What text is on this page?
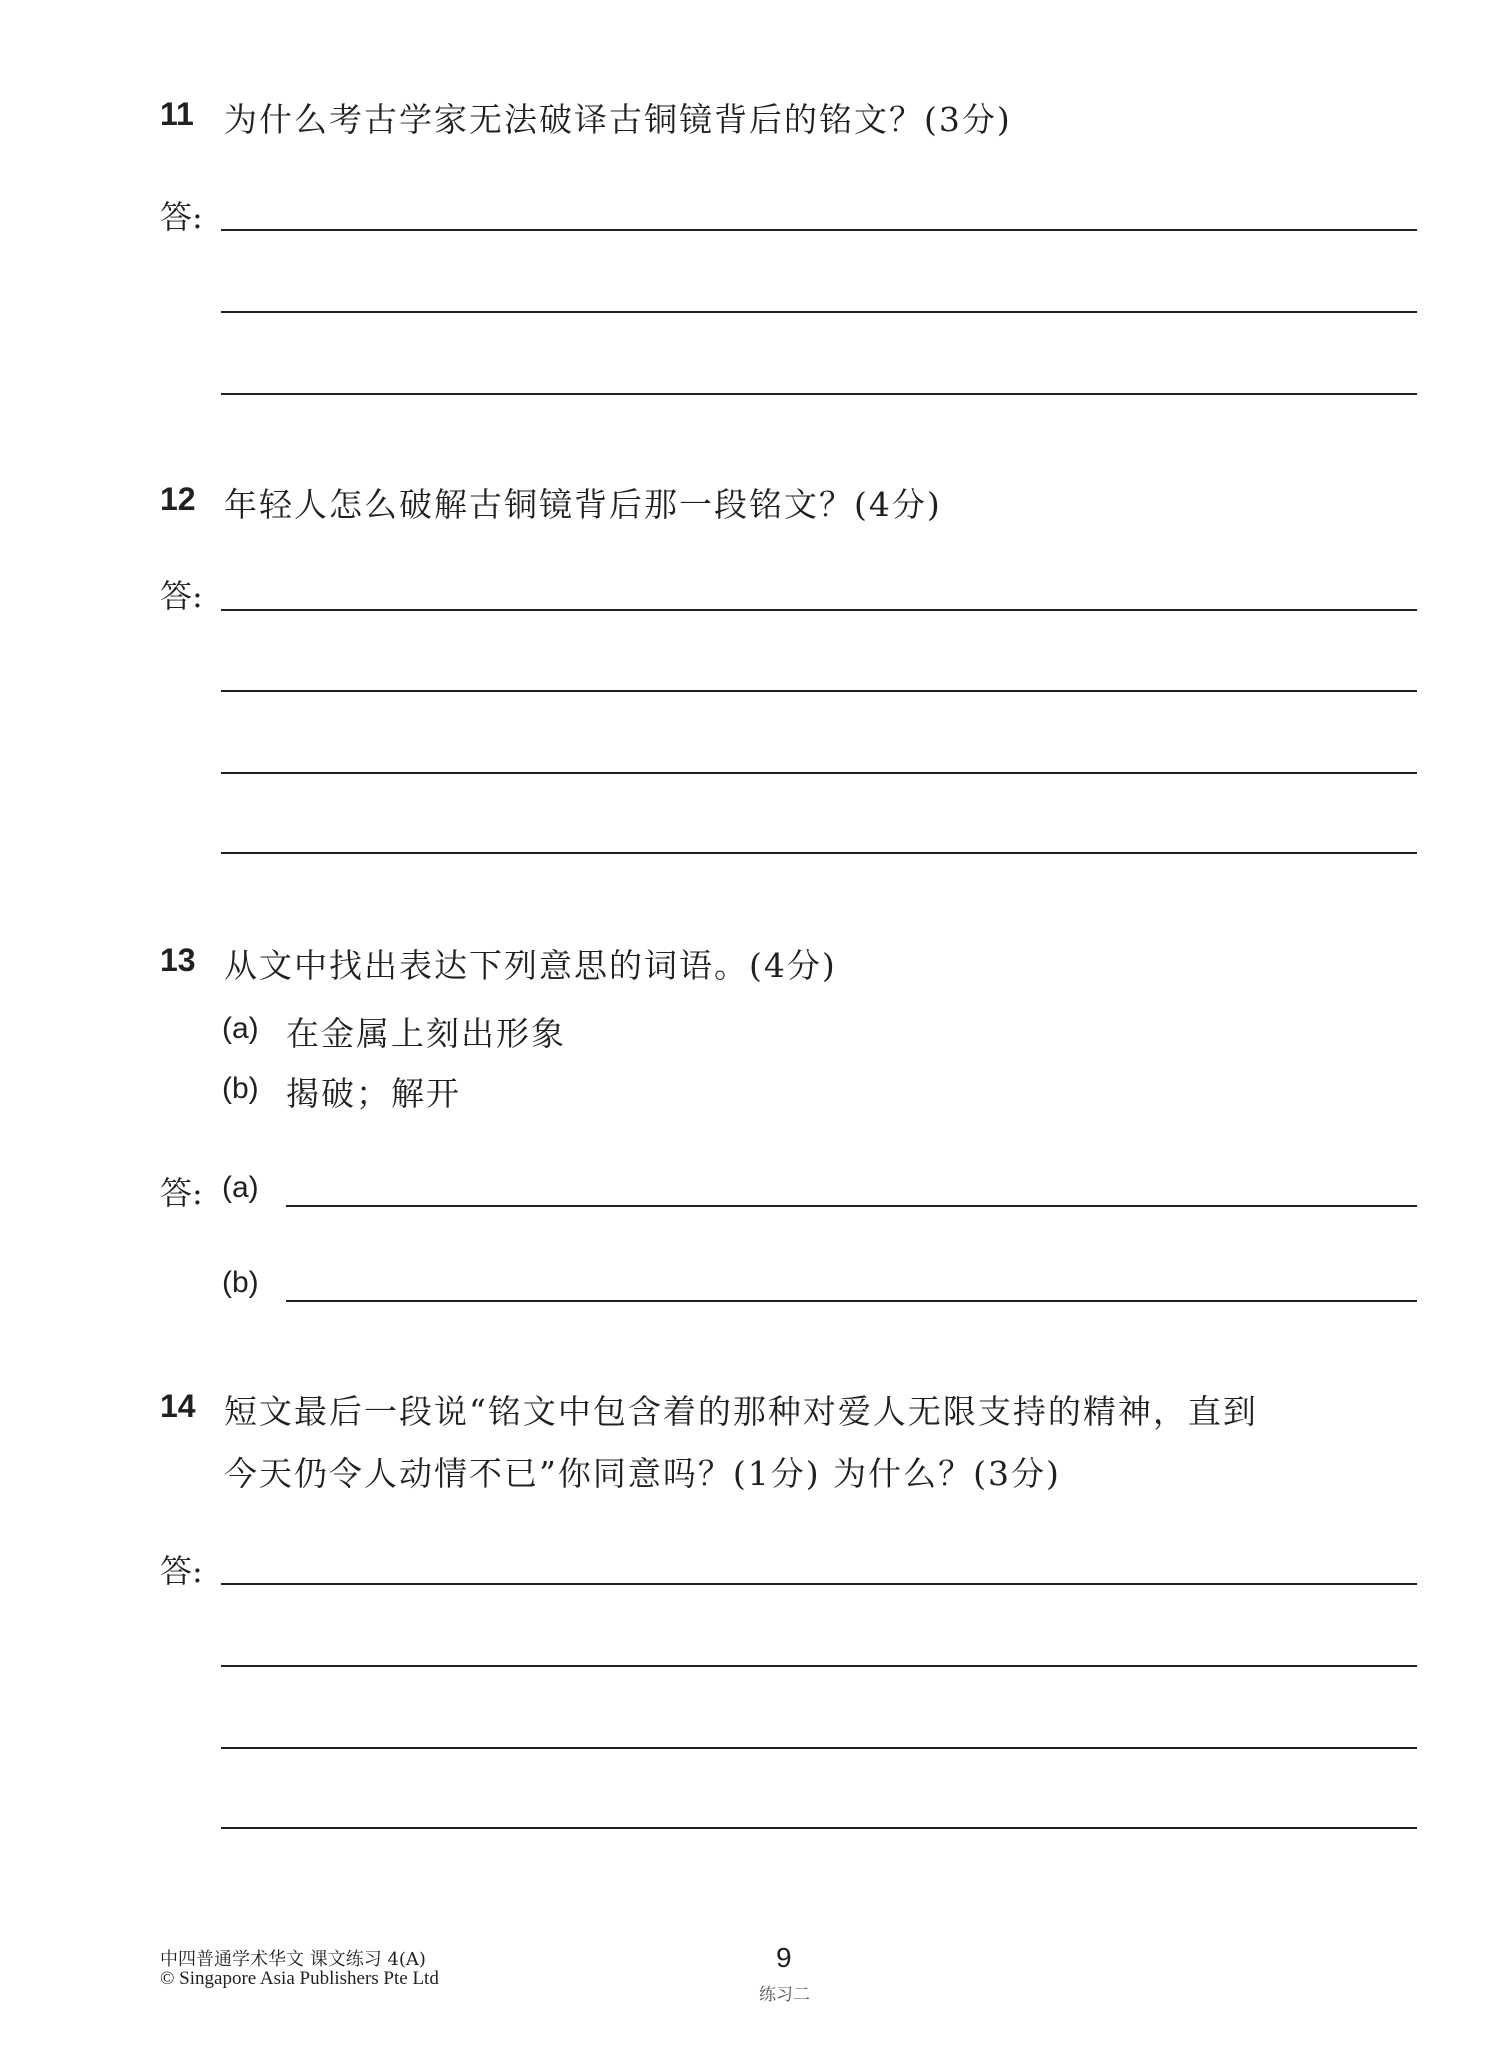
11 为什么考古学家无法破译古铜镜背后的铭文？(3分)
答:
12 年轻人怎么破解古铜镜背后那一段铭文？(4分)
答:
13 从文中找出表达下列意思的词语。(4分)
(a) 在金属上刻出形象
(b) 揭破；解开
答: (a)
(b)
14 短文最后一段说“铭文中包含着的那种对爱人无限支持的精神，直到
今天仍令人动情不已”你同意吗？(1分) 为什么？(3分)
答:
中四普通学术华文 课文练习 4(A)
© Singapore Asia Publishers Pte Ltd
9
练习二
